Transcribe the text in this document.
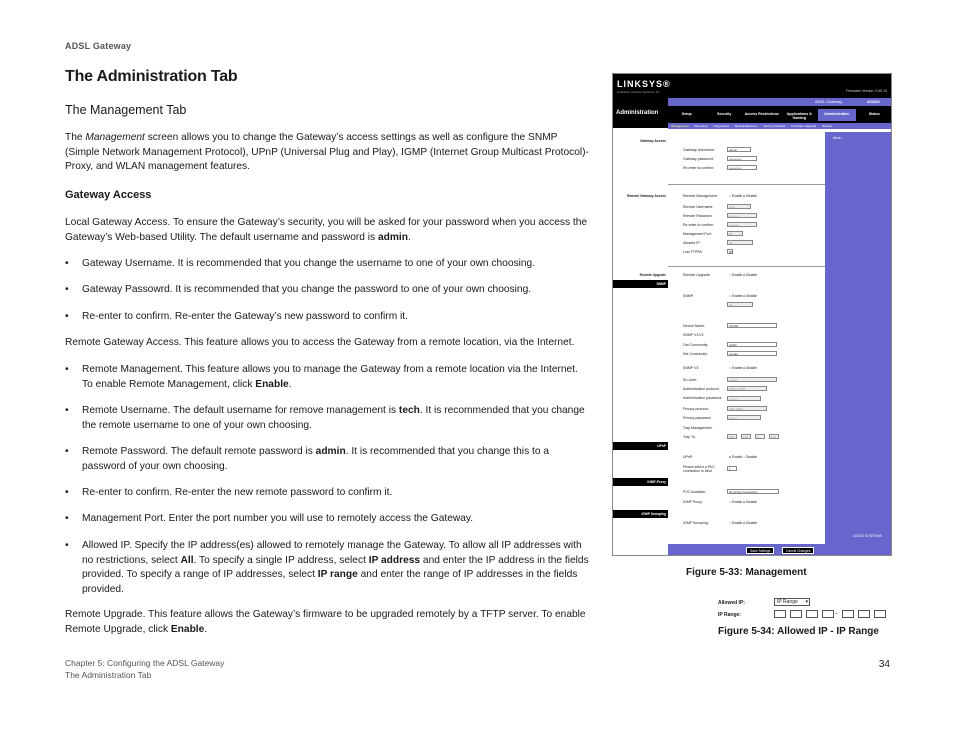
ADSL Gateway
The Administration Tab
The Management Tab
The Management screen allows you to change the Gateway’s access settings as well as configure the SNMP (Simple Network Management Protocol), UPnP (Universal Plug and Play), IGMP (Internet Group Multicast Protocol)-Proxy, and WLAN management features.
Gateway Access
Local Gateway Access. To ensure the Gateway’s security, you will be asked for your password when you access the Gateway’s Web-based Utility. The default username and password is admin.
• Gateway Username. It is recommended that you change the username to one of your own choosing.
• Gateway Passowrd. It is recommended that you change the password to one of your own choosing.
• Re-enter to confirm. Re-enter the Gateway’s new password to confirm it.
Remote Gateway Access. This feature allows you to access the Gateway from a remote location, via the Internet.
• Remote Management. This feature allows you to manage the Gateway from a remote location via the Internet. To enable Remote Management, click Enable.
• Remote Username. The default username for remove management is tech. It is recommended that you change the remote username to one of your own choosing.
• Remote Password. The default remote password is admin. It is recommended that you change this to a password of your own choosing.
• Re-enter to confirm. Re-enter the new remote password to confirm it.
• Management Port. Enter the port number you will use to remotely access the Gateway.
• Allowed IP. Specify the IP address(es) allowed to remotely manage the Gateway. To allow all IP addresses with no restrictions, select All. To specify a single IP address, select IP address and enter the IP address in the fields provided. To specify a range of IP addresses, select IP range and enter the range of IP addresses in the fields provided.
Remote Upgrade. This feature allows the Gateway’s firmware to be upgraded remotely by a TFTP server. To enable Remote Upgrade, click Enable.
Chapter 5: Configuring the ADSL Gateway
The Administration Tab
34
LINKSYS®
A Division of Cisco Systems, Inc.	Firmware Version: 0.00.10
Administration
ADSL Gateway	AG300
Setup	Security	Access Restrictions	Applications & Gaming
Administration	Status
Management	Reporting	Diagnostics	Backup&Restore	Factory Defaults	Firmware Upgrade	Reboot
Gateway Access
Remote Gateway Access
Remote Upgrade
SNMP
UPnP
IGMP-Proxy
IGMP Snooping
Gateway Username:	admin
Gateway password:	••••••••••••
Re-enter to confirm:	••••••••••••
Remote Management:	○ Enable ● Disable
Remote Username:	tech
Remote Password:	••••••••••
Re-enter to confirm:	••••••••••
Management Port:	80
Allowed IP:	All
Lost FTPPA:	80
Remote Upgrade:	○ Enable ● Disable
SNMP:	○ Enable ● Disable
All
Device Name:	AG300
SNMP V1/V2
Get Community:	public
Set Community:	private
SNMP V3:	○ Enable ● Disable
Ro-User:	rouser
Authentication protocol:	HMAC-MD5
Authentication password:	••••••••
Privacy protocol:	CBC-DES
Privacy password:	••••••••
Trap Management:
Trap To:	192	168	1	100
UPnP:	● Enable ○ Disable
Please select a PVC connection to bind:	1
PVC Available:	No Active Connection
IGMP Proxy:	○ Enable ● Disable
IGMP Snooping:	○ Enable ● Disable
More...
CISCO SYSTEMS
Save Settings	Cancel Changes
Figure 5-33: Management
Allowed IP:	IP Range ▾
IP Range:	–
Figure 5-34: Allowed IP - IP Range
